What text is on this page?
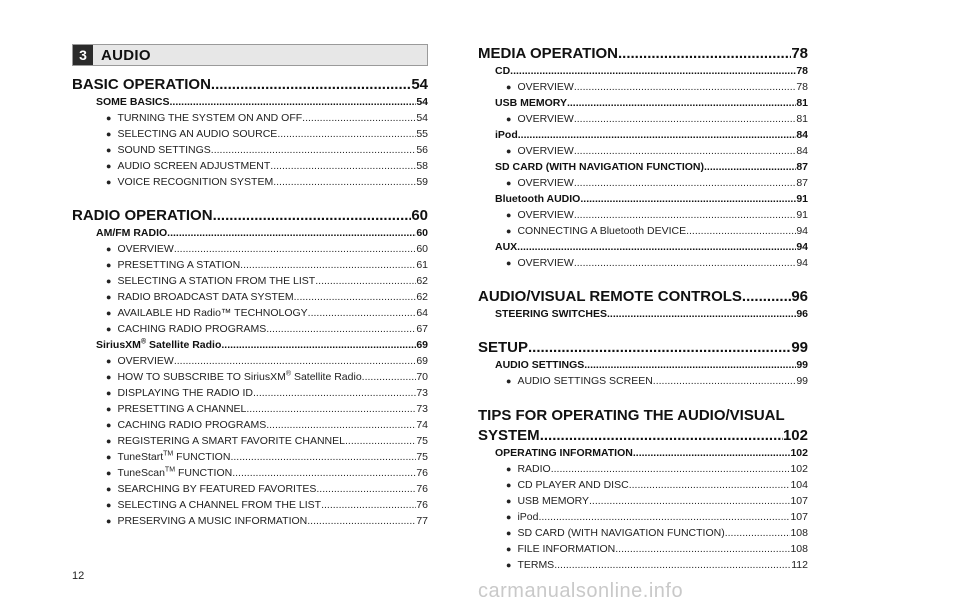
3 AUDIO
BASIC OPERATION .....	54
SOME BASICS .....	54
● TURNING THE SYSTEM ON AND OFF .....	54
● SELECTING AN AUDIO SOURCE .....	55
● SOUND SETTINGS .....	56
● AUDIO SCREEN ADJUSTMENT .....	58
● VOICE RECOGNITION SYSTEM .....	59
RADIO OPERATION .....	60
AM/FM RADIO .....	60
● OVERVIEW .....	60
● PRESETTING A STATION .....	61
● SELECTING A STATION FROM THE LIST .....	62
● RADIO BROADCAST DATA SYSTEM .....	62
● AVAILABLE HD Radio™ TECHNOLOGY .....	64
● CACHING RADIO PROGRAMS .....	67
SiriusXM® Satellite Radio .....	69
● OVERVIEW .....	69
● HOW TO SUBSCRIBE TO SiriusXM® Satellite Radio .....	70
● DISPLAYING THE RADIO ID .....	73
● PRESETTING A CHANNEL .....	73
● CACHING RADIO PROGRAMS .....	74
● REGISTERING A SMART FAVORITE CHANNEL .....	75
● TuneStart™ FUNCTION .....	75
● TuneScan™ FUNCTION .....	76
● SEARCHING BY FEATURED FAVORITES .....	76
● SELECTING A CHANNEL FROM THE LIST .....	76
● PRESERVING A MUSIC INFORMATION .....	77
MEDIA OPERATION .....	78
CD .....	78
● OVERVIEW .....	78
USB MEMORY .....	81
● OVERVIEW .....	81
iPod .....	84
● OVERVIEW .....	84
SD CARD (WITH NAVIGATION FUNCTION) .....	87
● OVERVIEW .....	87
Bluetooth AUDIO .....	91
● OVERVIEW .....	91
● CONNECTING A Bluetooth DEVICE .....	94
AUX .....	94
● OVERVIEW .....	94
AUDIO/VISUAL REMOTE CONTROLS .....	96
STEERING SWITCHES .....	96
SETUP .....	99
AUDIO SETTINGS .....	99
● AUDIO SETTINGS SCREEN .....	99
TIPS FOR OPERATING THE AUDIO/VISUAL
SYSTEM .....	102
OPERATING INFORMATION .....	102
● RADIO .....	102
● CD PLAYER AND DISC .....	104
● USB MEMORY .....	107
● iPod .....	107
● SD CARD (WITH NAVIGATION FUNCTION) .....	108
● FILE INFORMATION .....	108
● TERMS .....	112
12
carmanualsonline.info
